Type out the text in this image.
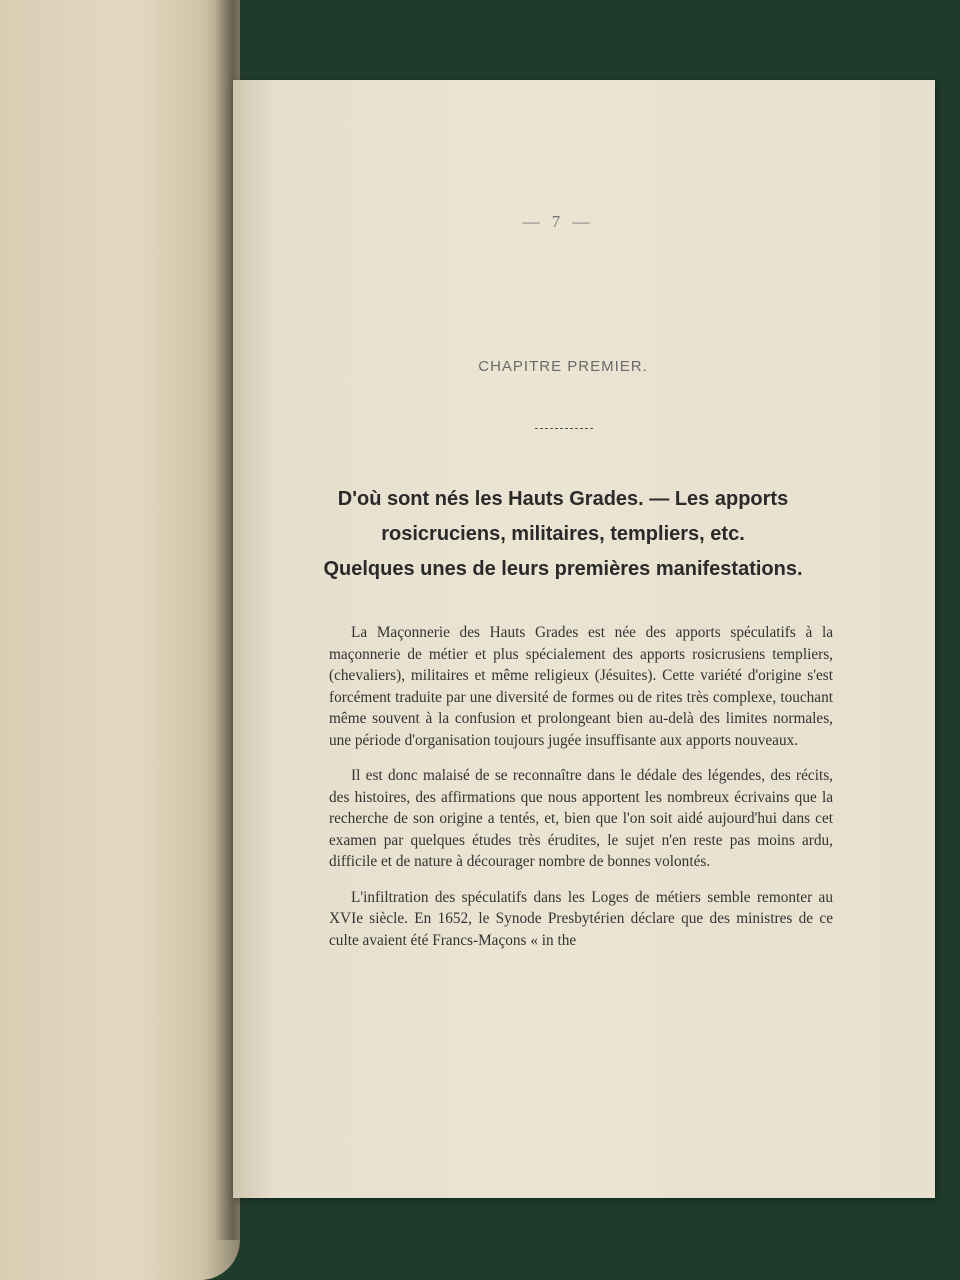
— 7 —
CHAPITRE PREMIER.
D'où sont nés les Hauts Grades. — Les apports
rosicruciens, militaires, templiers, etc.
Quelques unes de leurs premières manifestations.

La Maçonnerie des Hauts Grades est née des apports spéculatifs à la maçonnerie de métier et plus spécialement des apports rosicrusiens templiers, (chevaliers), militaires et même religieux (Jésuites). Cette variété d'origine s'est forcément traduite par une diversité de formes ou de rites très complexe, touchant même souvent à la confusion et prolongeant bien au-delà des limites normales, une période d'organisation toujours jugée insuffisante aux apports nouveaux.

Il est donc malaisé de se reconnaître dans le dédale des légendes, des récits, des histoires, des affirmations que nous apportent les nombreux écrivains que la recherche de son origine a tentés, et, bien que l'on soit aidé aujourd'hui dans cet examen par quelques études très érudites, le sujet n'en reste pas moins ardu, difficile et de nature à décourager nombre de bonnes volontés.

L'infiltration des spéculatifs dans les Loges de métiers semble remonter au XVIe siècle. En 1652, le Synode Presbytérien déclare que des ministres de ce culte avaient été Francs-Maçons « in the
